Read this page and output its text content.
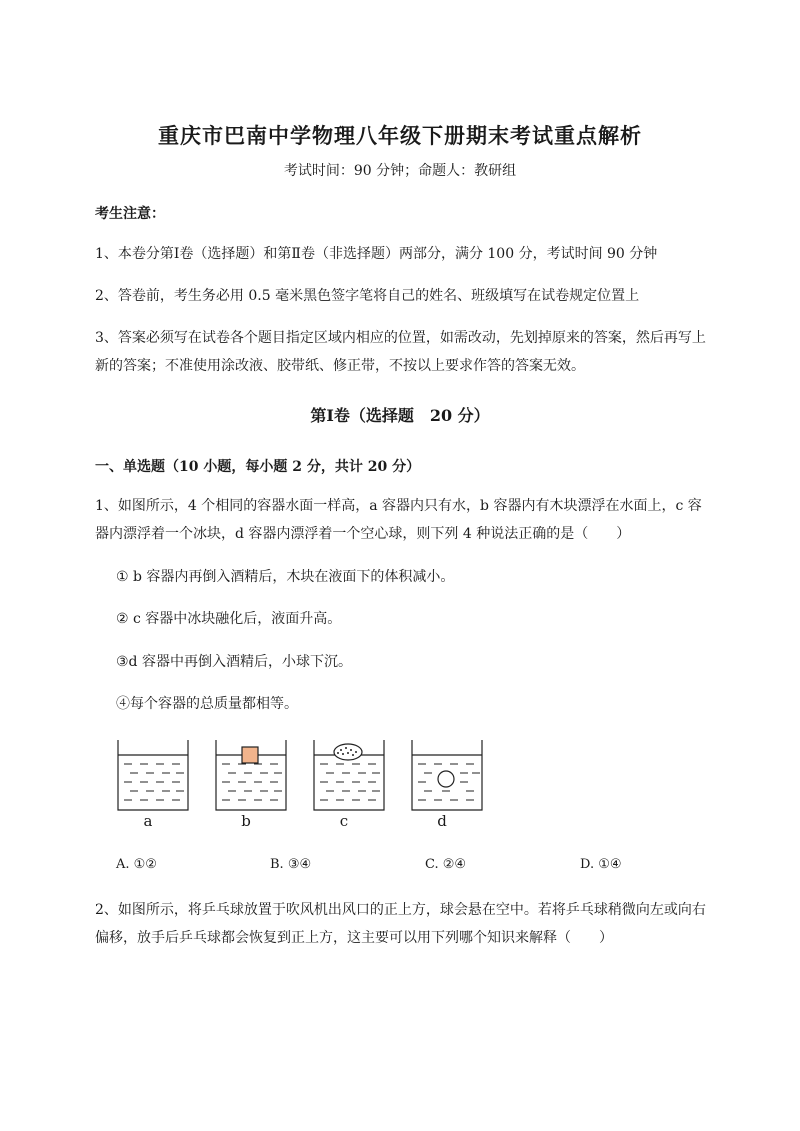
重庆市巴南中学物理八年级下册期末考试重点解析
考试时间：90 分钟；命题人：教研组
考生注意：
1、本卷分第Ⅰ卷（选择题）和第Ⅱ卷（非选择题）两部分，满分 100 分，考试时间 90 分钟
2、答卷前，考生务必用 0.5 毫米黑色签字笔将自己的姓名、班级填写在试卷规定位置上
3、答案必须写在试卷各个题目指定区域内相应的位置，如需改动，先划掉原来的答案，然后再写上新的答案；不准使用涂改液、胶带纸、修正带，不按以上要求作答的答案无效。
第Ⅰ卷（选择题　20 分）
一、单选题（10 小题，每小题 2 分，共计 20 分）
1、如图所示，4 个相同的容器水面一样高，a 容器内只有水，b 容器内有木块漂浮在水面上，c 容器内漂浮着一个冰块，d 容器内漂浮着一个空心球，则下列 4 种说法正确的是（　　）
① b 容器内再倒入酒精后，木块在液面下的体积减小。
② c 容器中冰块融化后，液面升高。
③d 容器中再倒入酒精后，小球下沉。
④每个容器的总质量都相等。
a	b	c	d
A. ①②	B. ③④	C. ②④	D. ①④
2、如图所示，将乒乓球放置于吹风机出风口的正上方，球会悬在空中。若将乒乓球稍微向左或向右偏移，放手后乒乓球都会恢复到正上方，这主要可以用下列哪个知识来解释（　　）
